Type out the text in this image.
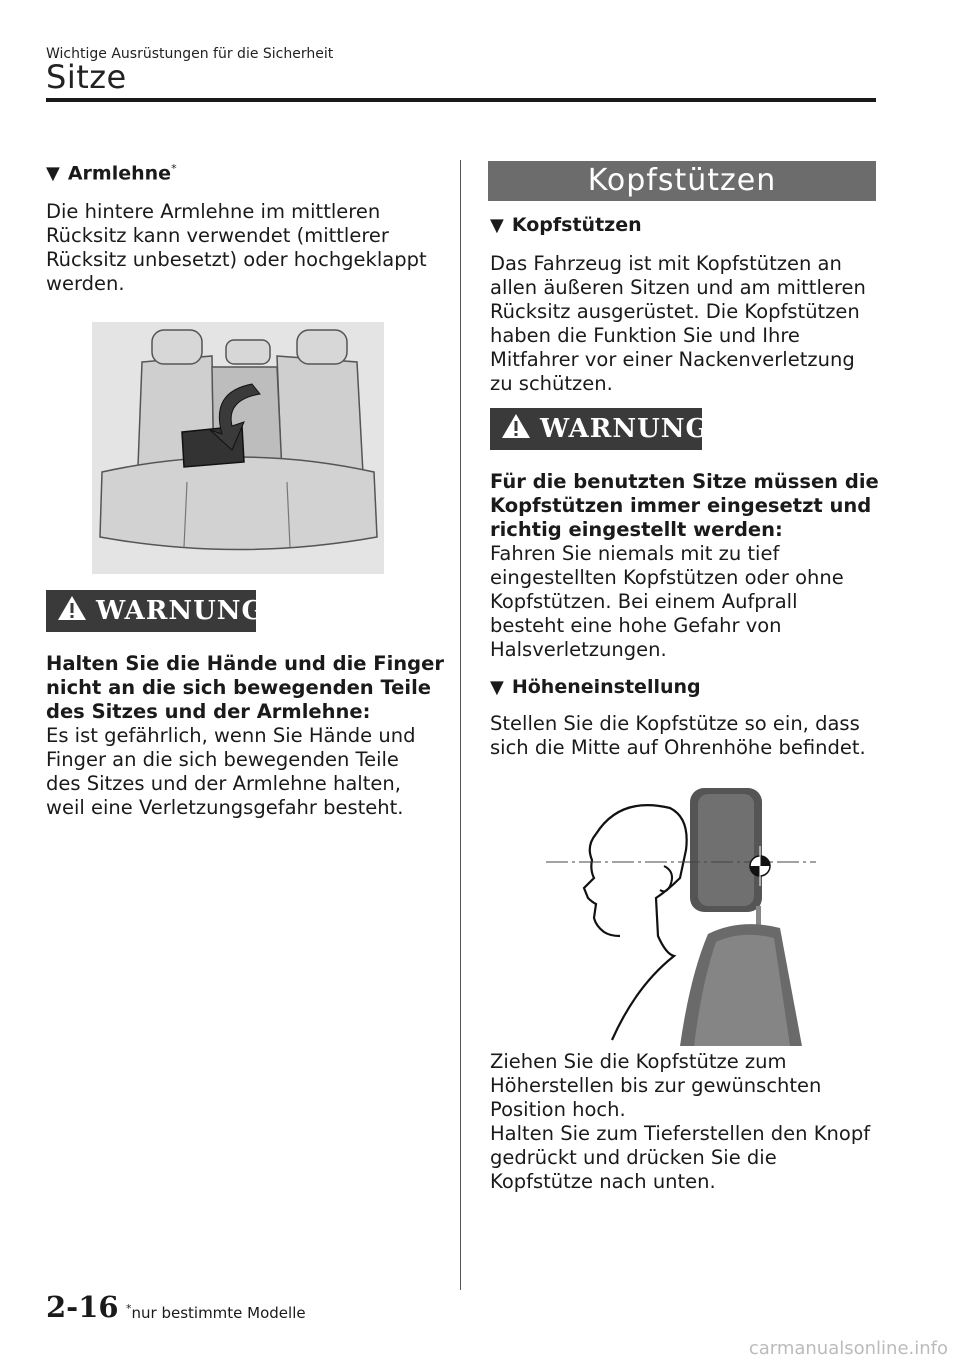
Wichtige Ausrüstungen für die Sicherheit
Sitze
▼ Armlehne*

Die hintere Armlehne im mittleren

Rücksitz kann verwendet (mittlerer

Rücksitz unbesetzt) oder hochgeklappt

werden.

WARNUNG

Halten Sie die Hände und die Finger

nicht an die sich bewegenden Teile

des Sitzes und der Armlehne:

Es ist gefährlich, wenn Sie Hände und

Finger an die sich bewegenden Teile

des Sitzes und der Armlehne halten,

weil eine Verletzungsgefahr besteht.

Kopfstützen
▼ Kopfstützen

Das Fahrzeug ist mit Kopfstützen an

allen äußeren Sitzen und am mittleren

Rücksitz ausgerüstet. Die Kopfstützen

haben die Funktion Sie und Ihre

Mitfahrer vor einer Nackenverletzung

zu schützen.

WARNUNG

Für die benutzten Sitze müssen die

Kopfstützen immer eingesetzt und

richtig eingestellt werden:

Fahren Sie niemals mit zu tief

eingestellten Kopfstützen oder ohne

Kopfstützen. Bei einem Aufprall

besteht eine hohe Gefahr von

Halsverletzungen.

▼ Höheneinstellung

Stellen Sie die Kopfstütze so ein, dass

sich die Mitte auf Ohrenhöhe befindet.

Ziehen Sie die Kopfstütze zum

Höherstellen bis zur gewünschten

Position hoch.

Halten Sie zum Tieferstellen den Knopf

gedrückt und drücken Sie die

Kopfstütze nach unten.

2-16 *nur bestimmte Modelle
carmanualsonline.info
